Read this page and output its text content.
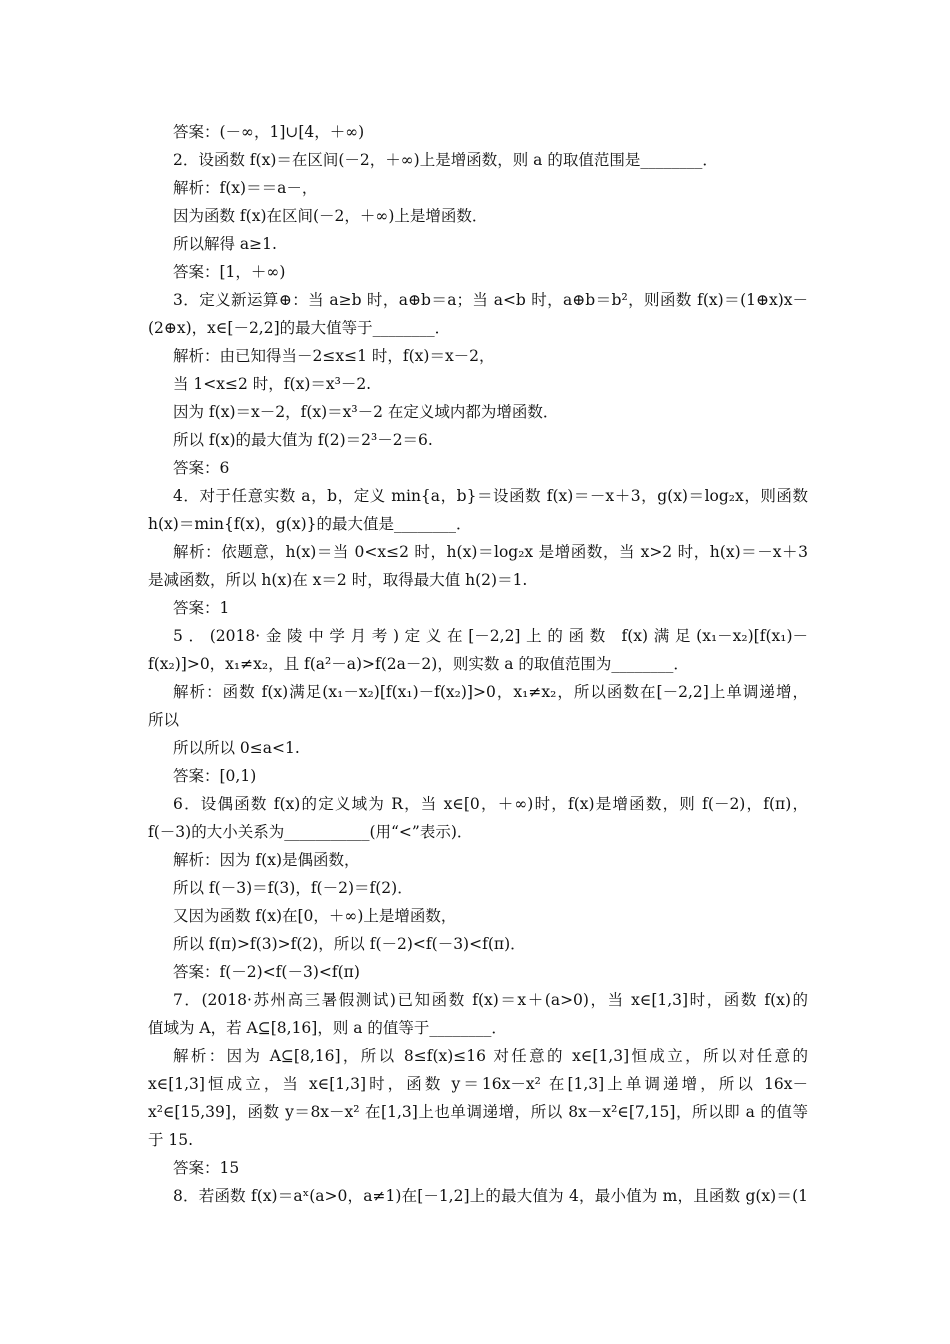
答案：(－∞，1]∪[4，＋∞)
2．设函数 f(x)＝在区间(－2，＋∞)上是增函数，则 a 的取值范围是________．
解析：f(x)＝＝a－，
因为函数 f(x)在区间(－2，＋∞)上是增函数．
所以解得 a≥1.
答案：[1，＋∞)
3．定义新运算⊕：当 a≥b 时，a⊕b＝a；当 a<b 时，a⊕b＝b²，则函数 f(x)＝(1⊕x)x－
(2⊕x)，x∈[－2,2]的最大值等于________．
解析：由已知得当－2≤x≤1 时，f(x)＝x－2，
当 1<x≤2 时，f(x)＝x³－2.
因为 f(x)＝x－2，f(x)＝x³－2 在定义域内都为增函数．
所以 f(x)的最大值为 f(2)＝2³－2＝6.
答案：6
4．对于任意实数 a，b，定义 min{a，b}＝设函数 f(x)＝－x＋3，g(x)＝log₂x，则函数
h(x)＝min{f(x)，g(x)}的最大值是________．
解析：依题意，h(x)＝当 0<x≤2 时，h(x)＝log₂x 是增函数，当 x>2 时，h(x)＝－x＋3
是减函数，所以 h(x)在 x＝2 时，取得最大值 h(2)＝1.
答案：1
5．(2018·金陵中学月考)定义在[－2,2]上的函数 f(x)满足(x₁－x₂)[f(x₁)－
f(x₂)]>0，x₁≠x₂，且 f(a²－a)>f(2a－2)，则实数 a 的取值范围为________．
解析：函数 f(x)满足(x₁－x₂)[f(x₁)－f(x₂)]>0，x₁≠x₂，所以函数在[－2,2]上单调递增，
所以
所以所以 0≤a<1.
答案：[0,1)
6．设偶函数 f(x)的定义域为 R，当 x∈[0，＋∞)时，f(x)是增函数，则 f(－2)，f(π)，
f(－3)的大小关系为___________(用“<”表示)．
解析：因为 f(x)是偶函数，
所以 f(－3)＝f(3)，f(－2)＝f(2)．
又因为函数 f(x)在[0，＋∞)上是增函数，
所以 f(π)>f(3)>f(2)，所以 f(－2)<f(－3)<f(π)．
答案：f(－2)<f(－3)<f(π)
7．(2018·苏州高三暑假测试)已知函数 f(x)＝x＋(a>0)，当 x∈[1,3]时，函数 f(x)的
值域为 A，若 A⊆[8,16]，则 a 的值等于________．
解析：因为 A⊆[8,16]，所以 8≤f(x)≤16 对任意的 x∈[1,3]恒成立，所以对任意的
x∈[1,3]恒成立，当 x∈[1,3]时，函数 y＝16x－x² 在[1,3]上单调递增，所以 16x－
x²∈[15,39]，函数 y＝8x－x² 在[1,3]上也单调递增，所以 8x－x²∈[7,15]，所以即 a 的值等
于 15.
答案：15
8．若函数 f(x)＝aˣ(a>0，a≠1)在[－1,2]上的最大值为 4，最小值为 m，且函数 g(x)＝(1
